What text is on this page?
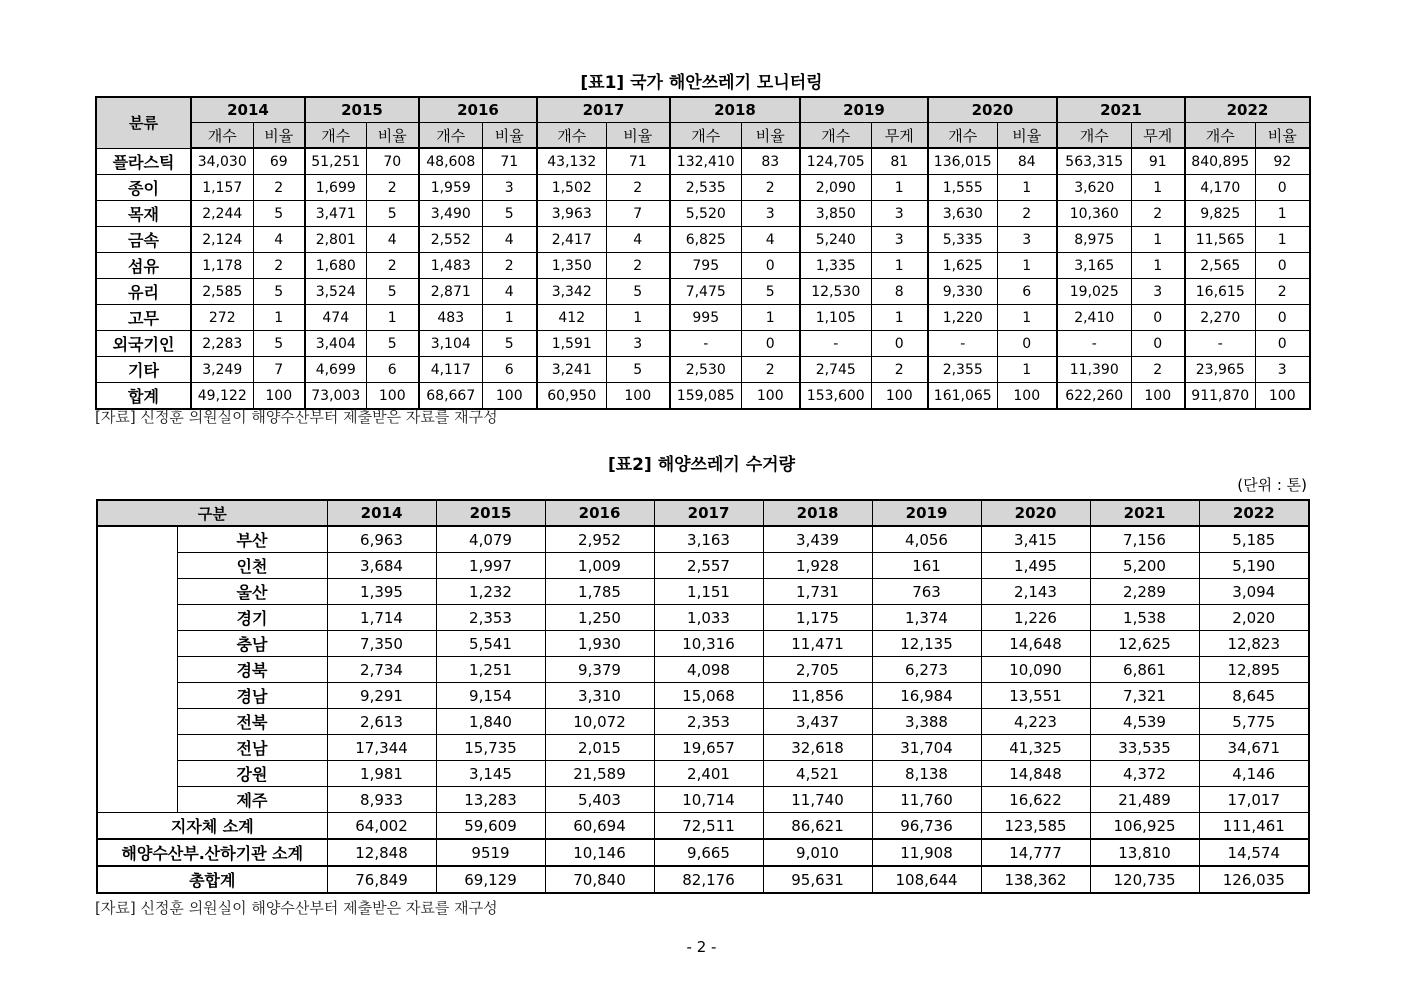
[표1] 국가 해안쓰레기 모니터링
분류	2014		2015		2016		2017		2018		2019		2020		2021		2022	
	개수	비율	개수	비율	개수	비율	개수	비율	개수	비율	개수	무게	개수	비율	개수	무게	개수	비율
플라스틱	34,030	69	51,251	70	48,608	71	43,132	71	132,410	83	124,705	81	136,015	84	563,315	91	840,895	92
종이	1,157	2	1,699	2	1,959	3	1,502	2	2,535	2	2,090	1	1,555	1	3,620	1	4,170	0
목재	2,244	5	3,471	5	3,490	5	3,963	7	5,520	3	3,850	3	3,630	2	10,360	2	9,825	1
금속	2,124	4	2,801	4	2,552	4	2,417	4	6,825	4	5,240	3	5,335	3	8,975	1	11,565	1
섬유	1,178	2	1,680	2	1,483	2	1,350	2	795	0	1,335	1	1,625	1	3,165	1	2,565	0
유리	2,585	5	3,524	5	2,871	4	3,342	5	7,475	5	12,530	8	9,330	6	19,025	3	16,615	2
고무	272	1	474	1	483	1	412	1	995	1	1,105	1	1,220	1	2,410	0	2,270	0
외국기인	2,283	5	3,404	5	3,104	5	1,591	3	-	0	-	0	-	0	-	0	-	0
기타	3,249	7	4,699	6	4,117	6	3,241	5	2,530	2	2,745	2	2,355	1	11,390	2	23,965	3
합계	49,122	100	73,003	100	68,667	100	60,950	100	159,085	100	153,600	100	161,065	100	622,260	100	911,870	100
[자료] 신정훈 의원실이 해양수산부터 제출받은 자료를 재구성
[표2] 해양쓰레기 수거량
(단위 : 톤)
구분		2014	2015	2016	2017	2018	2019	2020	2021	2022
	부산	6,963	4,079	2,952	3,163	3,439	4,056	3,415	7,156	5,185
	인천	3,684	1,997	1,009	2,557	1,928	161	1,495	5,200	5,190
	울산	1,395	1,232	1,785	1,151	1,731	763	2,143	2,289	3,094
	경기	1,714	2,353	1,250	1,033	1,175	1,374	1,226	1,538	2,020
	충남	7,350	5,541	1,930	10,316	11,471	12,135	14,648	12,625	12,823
	경북	2,734	1,251	9,379	4,098	2,705	6,273	10,090	6,861	12,895
	경남	9,291	9,154	3,310	15,068	11,856	16,984	13,551	7,321	8,645
	전북	2,613	1,840	10,072	2,353	3,437	3,388	4,223	4,539	5,775
	전남	17,344	15,735	2,015	19,657	32,618	31,704	41,325	33,535	34,671
	강원	1,981	3,145	21,589	2,401	4,521	8,138	14,848	4,372	4,146
	제주	8,933	13,283	5,403	10,714	11,740	11,760	16,622	21,489	17,017
지자체 소계		64,002	59,609	60,694	72,511	86,621	96,736	123,585	106,925	111,461
해양수산부.산하기관 소계		12,848	9519	10,146	9,665	9,010	11,908	14,777	13,810	14,574
총합계		76,849	69,129	70,840	82,176	95,631	108,644	138,362	120,735	126,035
[자료] 신정훈 의원실이 해양수산부터 제출받은 자료를 재구성
- 2 -
